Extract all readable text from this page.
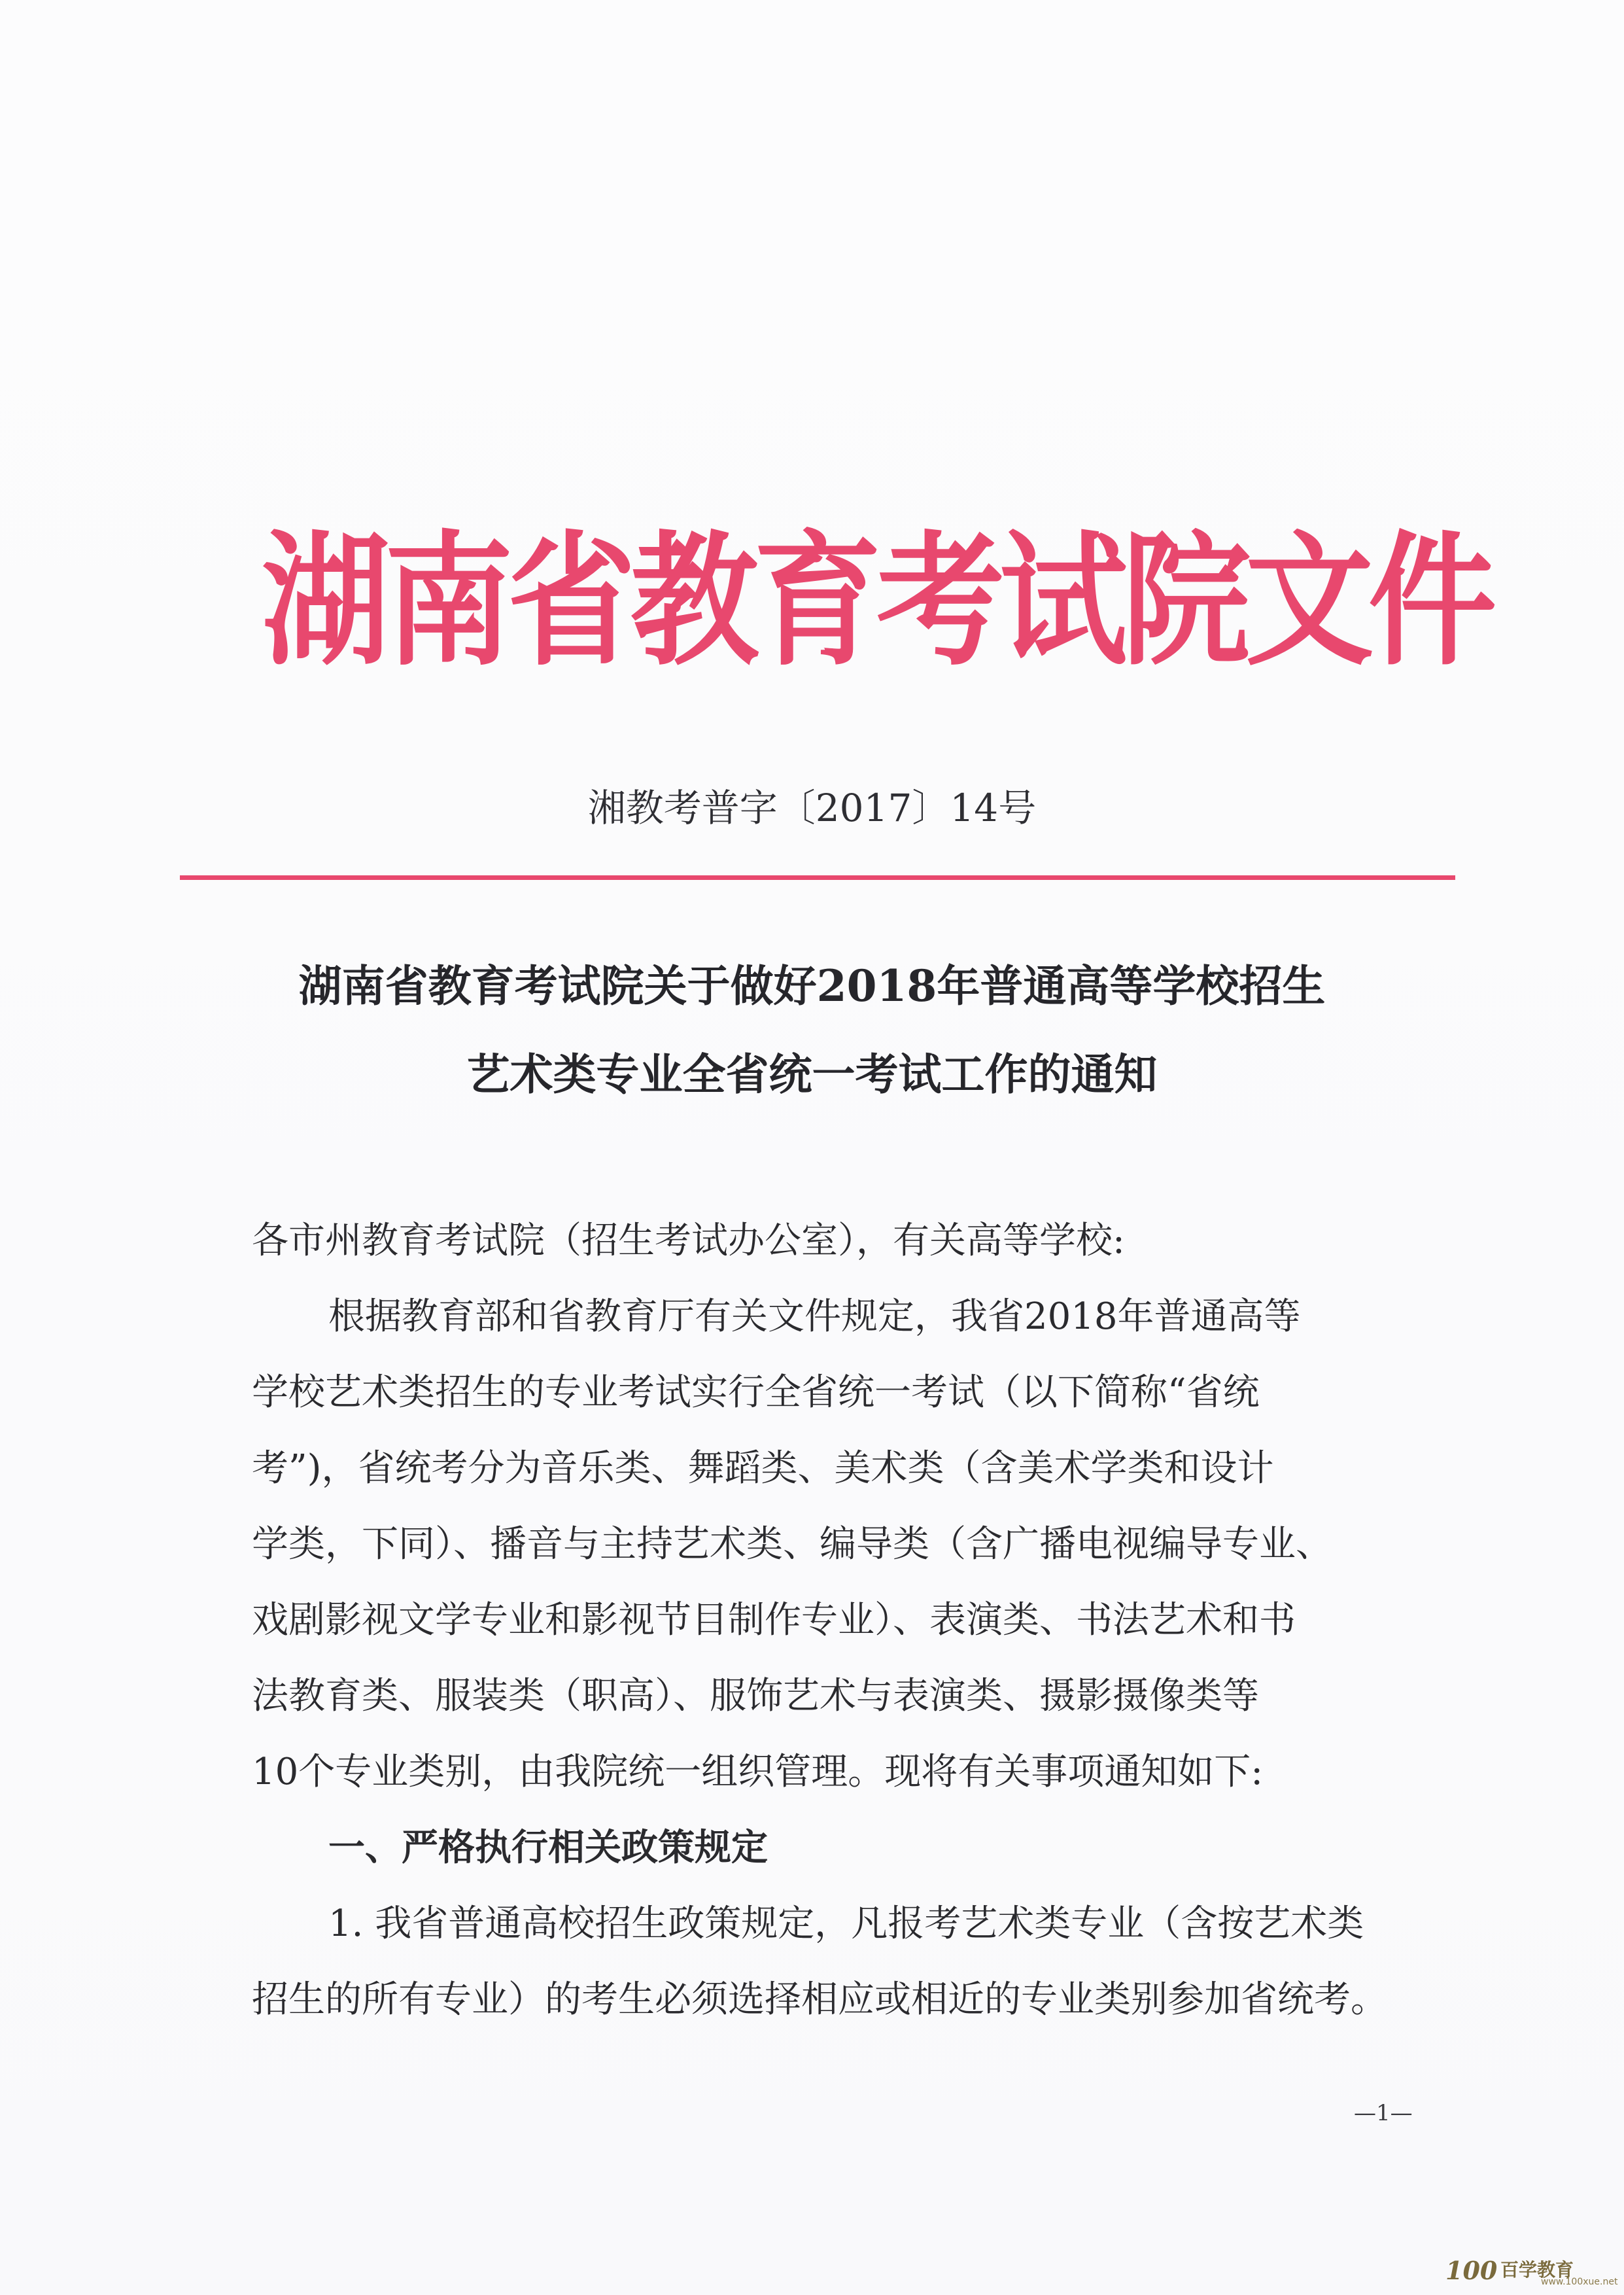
湖南省教育考试院文件
湘教考普字〔2017〕14号
湖南省教育考试院关于做好2018年普通高等学校招生
艺术类专业全省统一考试工作的通知
各市州教育考试院（招生考试办公室），有关高等学校:
根据教育部和省教育厅有关文件规定，我省2018年普通高等
学校艺术类招生的专业考试实行全省统一考试（以下简称“省统
考”)，省统考分为音乐类、舞蹈类、美术类（含美术学类和设计
学类，下同）、播音与主持艺术类、编导类（含广播电视编导专业、
戏剧影视文学专业和影视节目制作专业）、表演类、书法艺术和书
法教育类、服装类（职高）、服饰艺术与表演类、摄影摄像类等
10个专业类别，由我院统一组织管理。现将有关事项通知如下:
一、严格执行相关政策规定
1. 我省普通高校招生政策规定，凡报考艺术类专业（含按艺术类
招生的所有专业）的考生必须选择相应或相近的专业类别参加省统考。
—1—
100 百学教育
www.100xue.net
